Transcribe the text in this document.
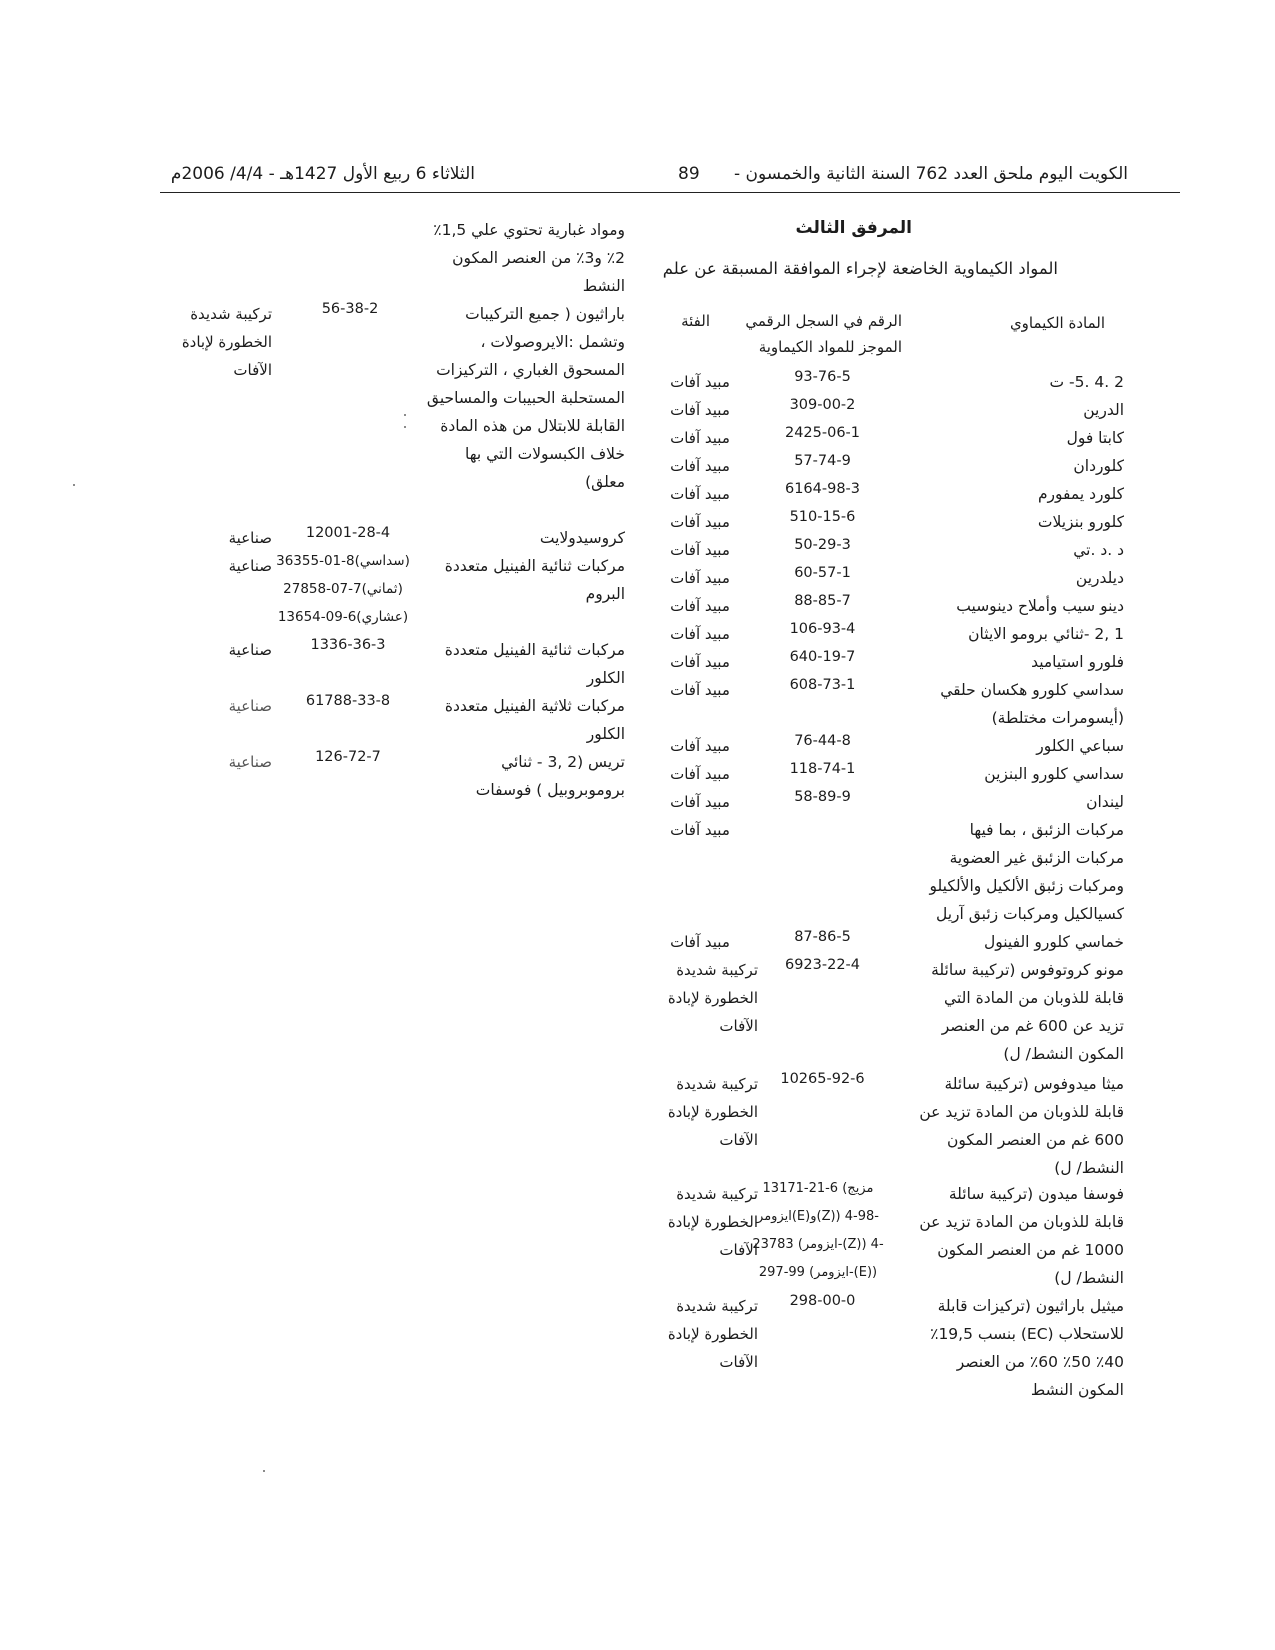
الكويت اليوم ملحق العدد 762 السنة الثانية والخمسون -
89
الثلاثاء 6 ربيع الأول 1427هـ - 4/4/ 2006م
المرفق الثالث
المواد الكيماوية الخاضعة لإجراء الموافقة المسبقة عن علم
المادة الكيماوي
الرقم في السجل الرقمي
الموجز للمواد الكيماوية
الفئة
2 .4 .5- ت
93-76-5
مبيد آفات
الدرين
309-00-2
مبيد آفات
كابتا فول
2425-06-1
مبيد آفات
كلوردان
57-74-9
مبيد آفات
كلورد يمفورم
6164-98-3
مبيد آفات
كلورو بنزيلات
510-15-6
مبيد آفات
د .د .تي
50-29-3
مبيد آفات
ديلدرين
60-57-1
مبيد آفات
دينو سيب وأملاح دينوسيب
88-85-7
مبيد آفات
1 ,2 -ثنائي برومو الايثان
106-93-4
مبيد آفات
فلورو استياميد
640-19-7
مبيد آفات
سداسي كلورو هكسان حلقي (أيسومرات مختلطة)
608-73-1
مبيد آفات
سباعي الكلور
76-44-8
مبيد آفات
سداسي كلورو البنزين
118-74-1
مبيد آفات
ليندان
58-89-9
مبيد آفات
مركبات الزئبق ، بما فيها مركبات الزئبق غير العضوية ومركبات زئبق الألكيل والألكيلو كسيالكيل ومركبات زئبق آريل
مبيد آفات
خماسي كلورو الفينول
87-86-5
مبيد آفات
مونو كروتوفوس (تركيبة سائلة قابلة للذوبان من المادة التي تزيد عن 600 غم من العنصر المكون النشط/ ل)
6923-22-4
تركيبة شديدة الخطورة لإبادة الآفات
ميثا ميدوفوس (تركيبة سائلة قابلة للذوبان من المادة تزيد عن 600 غم من العنصر المكون النشط/ ل)
10265-92-6
تركيبة شديدة الخطورة لإبادة الآفات
فوسفا ميدون (تركيبة سائلة قابلة للذوبان من المادة تزيد عن 1000 غم من العنصر المكون النشط/ ل)
13171-21-6 (مزيج
ايزومر(E)و(Z)) 4-98-
23783 (ايزومر-(Z)) 4-
297-99 (ايزومر-(E))
تركيبة شديدة الخطورة لإبادة الآفات
ميثيل باراثيون (تركيزات قابلة للاستحلاب (EC) بنسب 19,5٪ 40٪ 50٪ 60٪ من العنصر المكون النشط
298-00-0
تركيبة شديدة الخطورة لإبادة الآفات
ومواد غبارية تحتوي علي 1,5٪ 2٪ و3٪ من العنصر المكون النشط
باراثيون ( جميع التركيبات وتشمل :الايروصولات ، المسحوق الغباري ، التركيزات المستحلبة الحبيبات والمساحيق القابلة للابتلال من هذه المادة خلاف الكبسولات التي بها معلق)
56-38-2
تركيبة شديدة الخطورة لإبادة الآفات
كروسيدولايت
12001-28-4
صناعية
مركبات ثنائية الفينيل متعددة البروم
36355-01-8(سداسي)
27858-07-7(ثماني)
13654-09-6(عشاري)
صناعية
مركبات ثنائية الفينيل متعددة الكلور
1336-36-3
صناعية
مركبات ثلاثية الفينيل متعددة الكلور
61788-33-8
صناعية
تريس (2 ,3 - ثنائي بروموبروبيل ) فوسفات
126-72-7
صناعية
